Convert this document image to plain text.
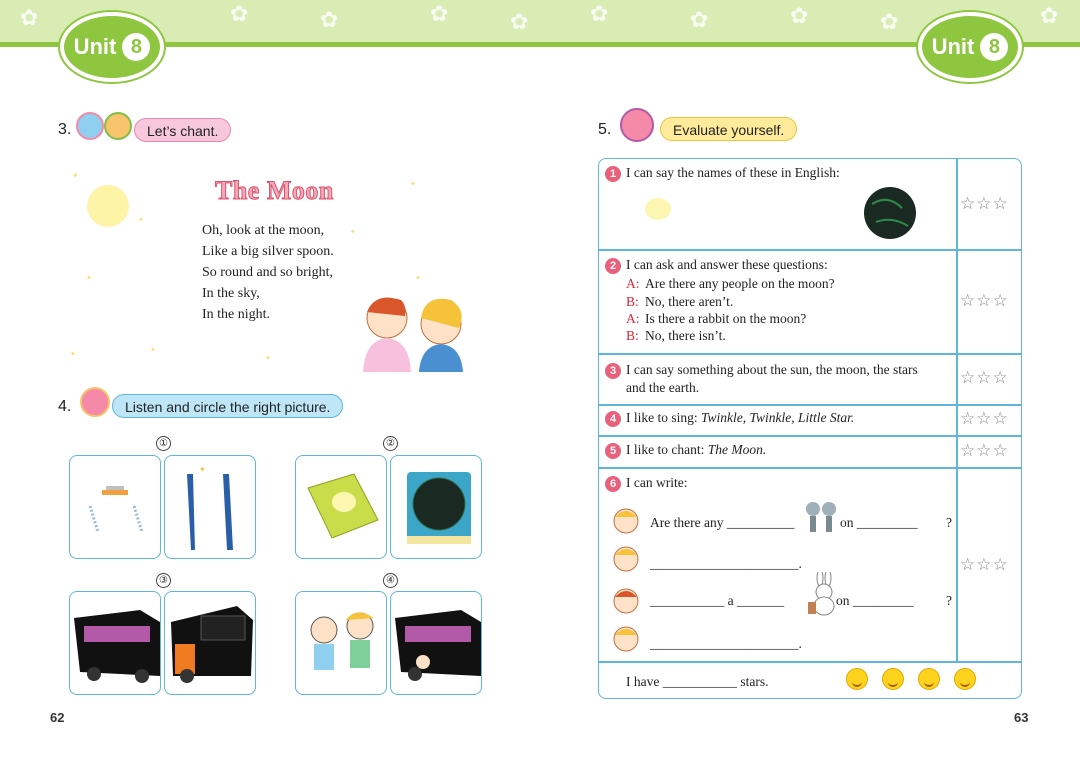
✿	✿	✿	✿	✿	✿	✿	✿	✿	✿
Unit 8	Unit 8
3.	Let’s chant.
✦
✦
✦
✦
✦
✦
✦
✦
✦
The Moon
Oh, look at the moon,
Like a big silver spoon.
So round and so bright,
In the sky,
In the night.
4.	Listen and circle the right picture.
①	②
③	④
✦
62
5.	Evaluate yourself.
1 I can say the names of these in English:
☆☆☆
2 I can ask and answer these questions:
A: Are there any people on the moon?
B: No, there aren’t.
A: Is there a rabbit on the moon?
B: No, there isn’t.
☆☆☆
3 I can say something about the sun, the moon, the stars
and the earth.	☆☆☆
4 I like to sing: Twinkle, Twinkle, Little Star.	☆☆☆
5 I like to chant: The Moon.	☆☆☆
6 I can write:
Are there any __________	on _________ ?
______________________.
___________ a _______	on _________ ?
______________________.
☆☆☆
I have ___________ stars.
63
